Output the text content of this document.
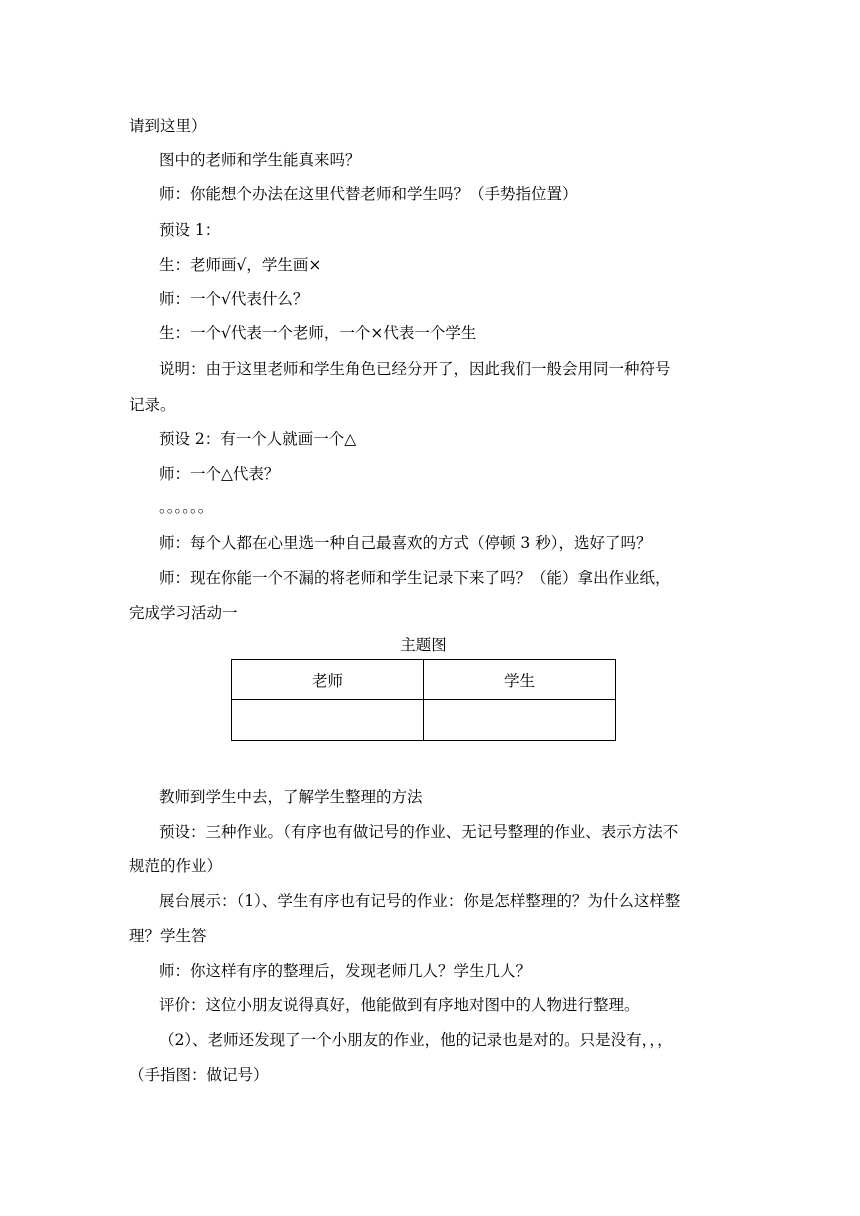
请到这里）
图中的老师和学生能真来吗？
师：你能想个办法在这里代替老师和学生吗？（手势指位置）
预设 1：
生：老师画√，学生画×
师：一个√代表什么？
生：一个√代表一个老师，一个×代表一个学生
说明：由于这里老师和学生角色已经分开了，因此我们一般会用同一种符号
记录。
预设 2：有一个人就画一个△
师：一个△代表？
。。。。。。
师：每个人都在心里选一种自己最喜欢的方式（停顿 3 秒），选好了吗？
师：现在你能一个不漏的将老师和学生记录下来了吗？（能）拿出作业纸，
完成学习活动一
主题图
老师	学生

教师到学生中去，了解学生整理的方法
预设：三种作业。（有序也有做记号的作业、无记号整理的作业、表示方法不
规范的作业）
展台展示：（1）、学生有序也有记号的作业：你是怎样整理的？为什么这样整
理？学生答
师：你这样有序的整理后，发现老师几人？学生几人？
评价：这位小朋友说得真好，他能做到有序地对图中的人物进行整理。
（2）、老师还发现了一个小朋友的作业，他的记录也是对的。只是没有，，，
（手指图：做记号）
